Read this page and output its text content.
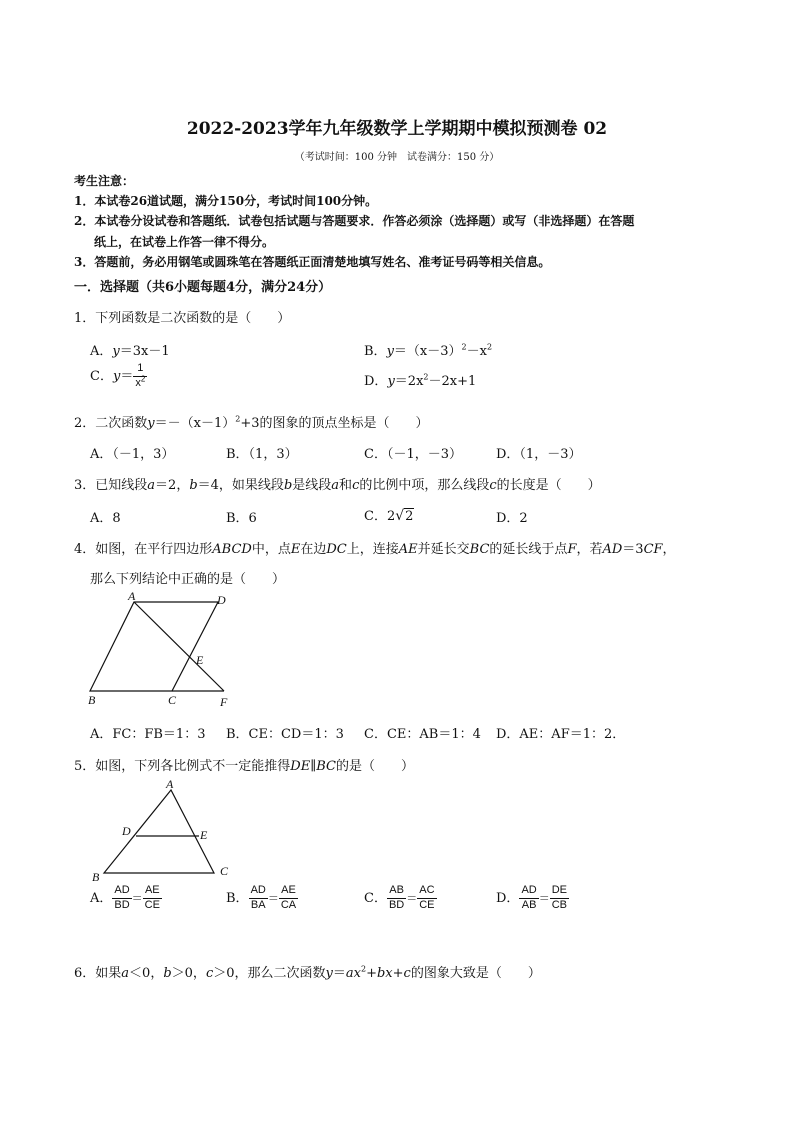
2022-2023学年九年级数学上学期期中模拟预测卷 02
（考试时间：100 分钟　试卷满分：150 分）
考生注意：
1．本试卷26道试题，满分150分，考试时间100分钟。
2．本试卷分设试卷和答题纸．试卷包括试题与答题要求．作答必须涂（选择题）或写（非选择题）在答题
纸上，在试卷上作答一律不得分。
3．答题前，务必用钢笔或圆珠笔在答题纸正面清楚地填写姓名、准考证号码等相关信息。
一．选择题（共6小题每题4分，满分24分）
1．下列函数是二次函数的是（　　）
A．y＝3x－1	B．$y=(x-3)^2-x^2$
C．$y= \frac{1}{x^2}$	D．$y=2x^2-2x+1$
2．二次函数$y=-(x-1)^2+3$的图象的顶点坐标是（　　）
A．（－1，3）	B．（1，3）	C．（－1，－3）	D．（1，－3）
3．已知线段a＝2，b＝4，如果线段b是线段a和c的比例中项，那么线段c的长度是（　　）
A．8	B．6	C．2√2	D．2
4．如图，在平行四边形ABCD中，点E在边DC上，连接AE并延长交BC的延长线于点F，若AD＝3CF，
那么下列结论中正确的是（　　）
A	D
E
B	C	F
A．FC：FB＝1：3 B．CE：CD＝1：3 C．CE：AB＝1：4 D．AE：AF＝1：2．
5．如图，下列各比例式不一定能推得DE∥BC的是（　　）
A
D	E
B	C
A． $\frac{AD}{BD} = \frac{AE}{CE}$	B． $\frac{AD}{BA} = \frac{AE}{CA}$	C． $\frac{AB}{BD} = \frac{AC}{CE}$	D． $\frac{AD}{AB} = \frac{DE}{CB}$
6．如果a＜0，b＞0，c＞0，那么二次函数$y=ax^2+bx+c$的图象大致是（　　）
